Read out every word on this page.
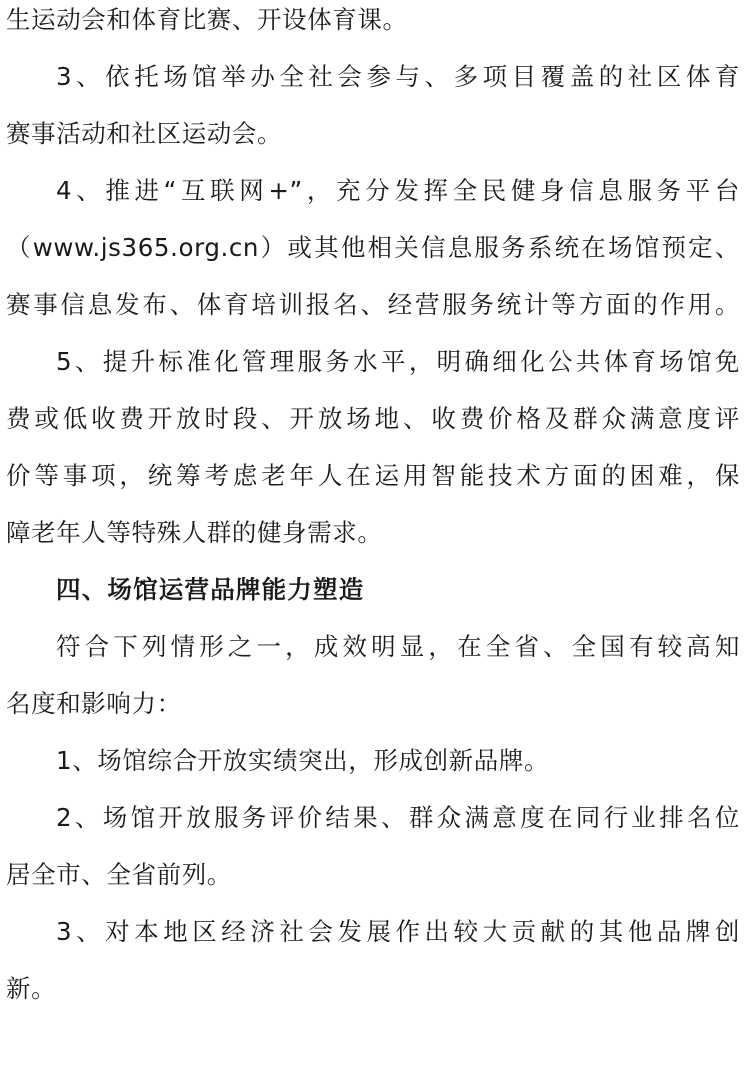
生运动会和体育比赛、开设体育课。
3、依托场馆举办全社会参与、多项目覆盖的社区体育
赛事活动和社区运动会。
4、推进“互联网+”，充分发挥全民健身信息服务平台
（www.js365.org.cn）或其他相关信息服务系统在场馆预定、
赛事信息发布、体育培训报名、经营服务统计等方面的作用。
5、提升标准化管理服务水平，明确细化公共体育场馆免
费或低收费开放时段、开放场地、收费价格及群众满意度评
价等事项，统筹考虑老年人在运用智能技术方面的困难，保
障老年人等特殊人群的健身需求。
四、场馆运营品牌能力塑造
符合下列情形之一，成效明显，在全省、全国有较高知
名度和影响力：
1、场馆综合开放实绩突出，形成创新品牌。
2、场馆开放服务评价结果、群众满意度在同行业排名位
居全市、全省前列。
3、对本地区经济社会发展作出较大贡献的其他品牌创
新。
